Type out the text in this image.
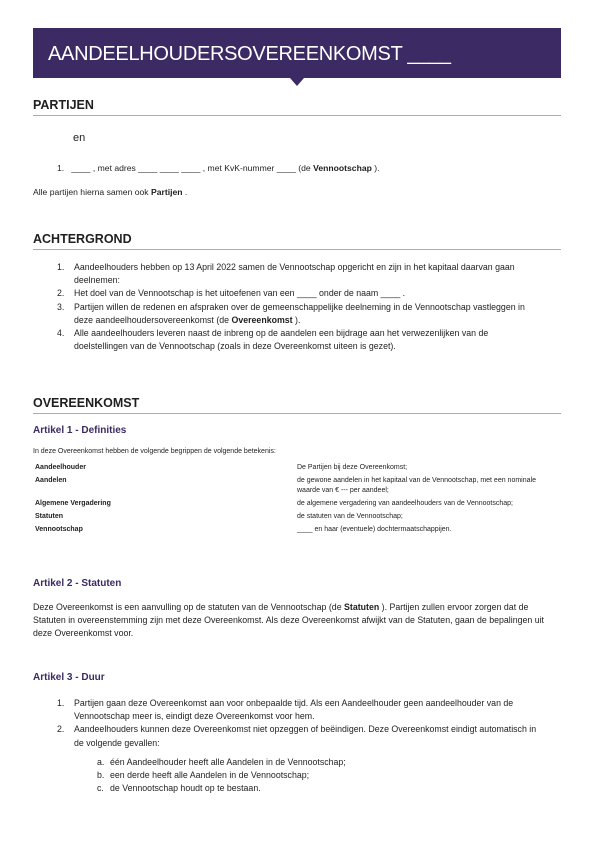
AANDEELHOUDERSOVEREENKOMST ____
PARTIJEN
en
1. ____ , met adres ____ ____ ____ , met KvK-nummer ____ (de Vennootschap ).
Alle partijen hierna samen ook Partijen .
ACHTERGROND
1. Aandeelhouders hebben op 13 April 2022 samen de Vennootschap opgericht en zijn in het kapitaal daarvan gaan deelnemen:
2. Het doel van de Vennootschap is het uitoefenen van een ____ onder de naam ____ .
3. Partijen willen de redenen en afspraken over de gemeenschappelijke deelneming in de Vennootschap vastleggen in deze aandeelhoudersovereenkomst (de Overeenkomst ).
4. Alle aandeelhouders leveren naast de inbreng op de aandelen een bijdrage aan het verwezenlijken van de doelstellingen van de Vennootschap (zoals in deze Overeenkomst uiteen is gezet).
OVEREENKOMST
Artikel 1 - Definities
In deze Overeenkomst hebben de volgende begrippen de volgende betekenis:
Aandeelhouder	De Partijen bij deze Overeenkomst;
Aandelen	de gewone aandelen in het kapitaal van de Vennootschap, met een nominale waarde van € --- per aandeel;
Algemene Vergadering	de algemene vergadering van aandeelhouders van de Vennootschap;
Statuten	de statuten van de Vennootschap;
Vennootschap	____ en haar (eventuele) dochtermaatschappijen.
Artikel 2 - Statuten
Deze Overeenkomst is een aanvulling op de statuten van de Vennootschap (de Statuten ). Partijen zullen ervoor zorgen dat de Statuten in overeenstemming zijn met deze Overeenkomst. Als deze Overeenkomst afwijkt van de Statuten, gaan de bepalingen uit deze Overeenkomst voor.
Artikel 3 - Duur
1. Partijen gaan deze Overeenkomst aan voor onbepaalde tijd. Als een Aandeelhouder geen aandeelhouder van de Vennootschap meer is, eindigt deze Overeenkomst voor hem.
2. Aandeelhouders kunnen deze Overeenkomst niet opzeggen of beëindigen. Deze Overeenkomst eindigt automatisch in de volgende gevallen:
a. één Aandeelhouder heeft alle Aandelen in de Vennootschap;
b. een derde heeft alle Aandelen in de Vennootschap;
c. de Vennootschap houdt op te bestaan.
